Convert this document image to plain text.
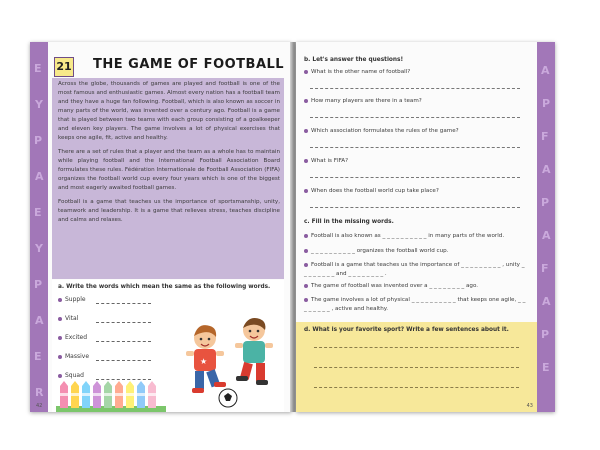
E
Y
P
A
E
Y
P
A
E
R
21 THE GAME OF FOOTBALL

Across the globe, thousands of games are played and football is one of the most famous and enthusiastic games. Almost every nation has a football team and they have a huge fan following. Football, which is also known as soccer in many parts of the world, was invented over a century ago. Football is a game that is played between two teams with each group consisting of a goalkeeper and eleven key players. The game involves a lot of physical exercises that keeps one agile, fit, active and healthy.

There are a set of rules that a player and the team as a whole has to maintain while playing football and the International Football Association Board formulates these rules. Fédération Internationale de Football Association (FIFA) organizes the football world cup every four years which is one of the biggest and most eagerly awaited football games.

Football is a game that teaches us the importance of sportsmanship, unity, teamwork and leadership. It is a game that relieves stress, teaches discipline and calms and relaxes.

a. Write the words which mean the same as the following words.
Supple
Vital
Excited
Massive
Squad
★
42
A
P
F
A
P
A
F
A
P
E
b. Let's answer the questions!
What is the other name of football?
How many players are there in a team?
Which association formulates the rules of the game?
What is FIFA?
When does the football world cup take place?
c. Fill in the missing words.
Football is also known as _ _ _ _ _ _ _ _ _ _ in many parts of the world.
_ _ _ _ _ _ _ _ _ _ organizes the football world cup.
Football is a game that teaches us the importance of _ _ _ _ _ _ _ _ _ , unity _ _ _ _ _ _ _ _ and _ _ _ _ _ _ _ _ .
The game of football was invented over a _ _ _ _ _ _ _ _ ago.
The game involves a lot of physical _ _ _ _ _ _ _ _ _ _ that keeps one agile, _ _ _ _ _ _ _ _ , active and healthy.
d. What is your favorite sport? Write a few sentences about it.
43
